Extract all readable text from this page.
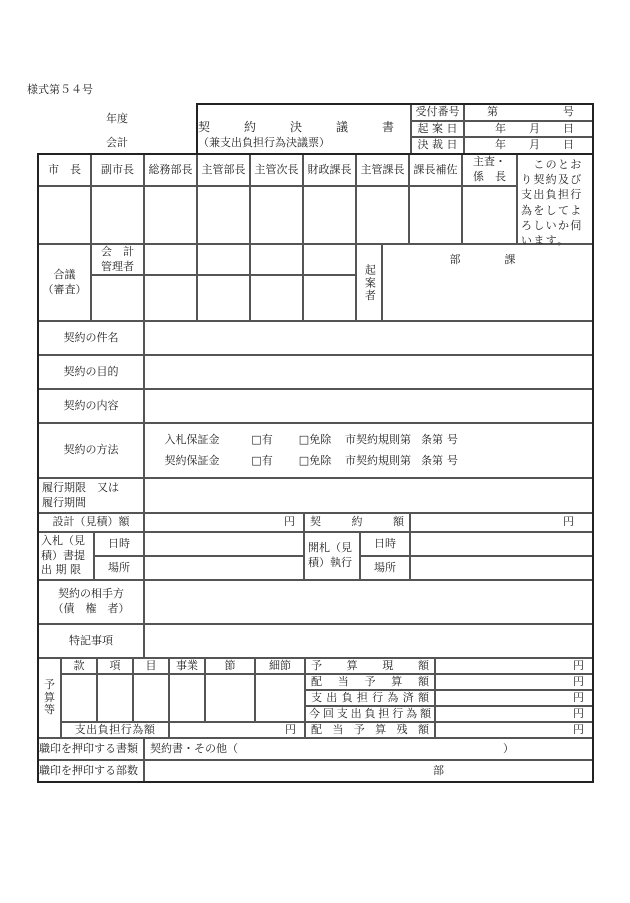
様式第５４号
年度
会計
契	約	決	議	書
（兼支出負担行為決議票）
受付番号	第	号
起 案 日	年 月 日
決 裁 日	年 月 日
市　長	副市長	総務部長 主管部長 主管次長 財政課長 主管課長 課長補佐
主査・
係　長
　このとおり契約及び支出負担行為をしてよろしいか伺います。
合議
（審査）
会　計
管理者	起案者
部	課
契約の件名
契約の目的
契約の内容
契約の方法
入札保証金	□有	□免除	市契約規則第 条第 号
契約保証金	□有	□免除	市契約規則第 条第 号
履行期限　又は
履行期間
設計（見積）額	円 契	約	額	円
入札（見積）書提
出 期 限
日時
場所
開札（見積）執行
日時
場所
契約の相手方
（債　権　者）
特記事項
予
算
等
款	項	目	事業	節	細節
支出負担行為額	円
予 算 現 額	円
配 当 予 算 額	円
支 出 負 担 行 為 済 額	円
今 回 支 出 負 担 行 為 額	円
配 当 予 算 残 額	円
職印を押印する書類	契約書・その他（	）
職印を押印する部数	部
